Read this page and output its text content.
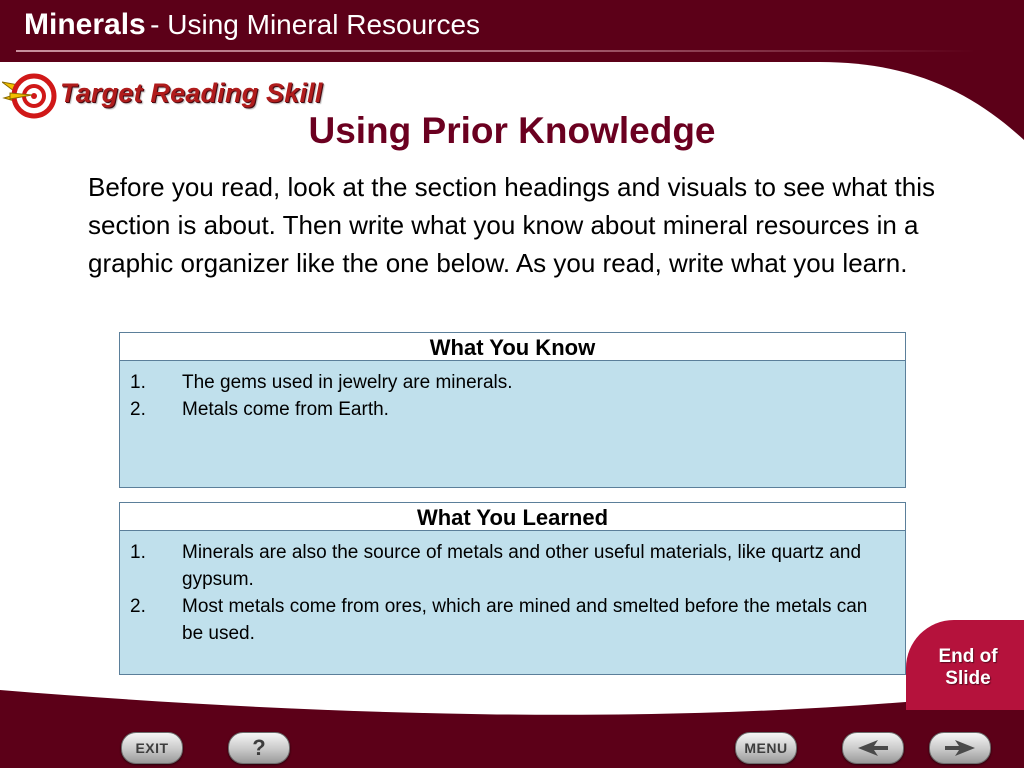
Minerals - Using Mineral Resources
Target Reading Skill
Using Prior Knowledge
Before you read, look at the section headings and visuals to see what this section is about. Then write what you know about mineral resources in a graphic organizer like the one below. As you read, write what you learn.
What You Know
1.	The gems used in jewelry are minerals.
2.	Metals come from Earth.
What You Learned
1.	Minerals are also the source of metals and other useful materials, like quartz and gypsum.
2.	Most metals come from ores, which are mined and smelted before the metals can be used.
End of
Slide
EXIT	?	MENU
